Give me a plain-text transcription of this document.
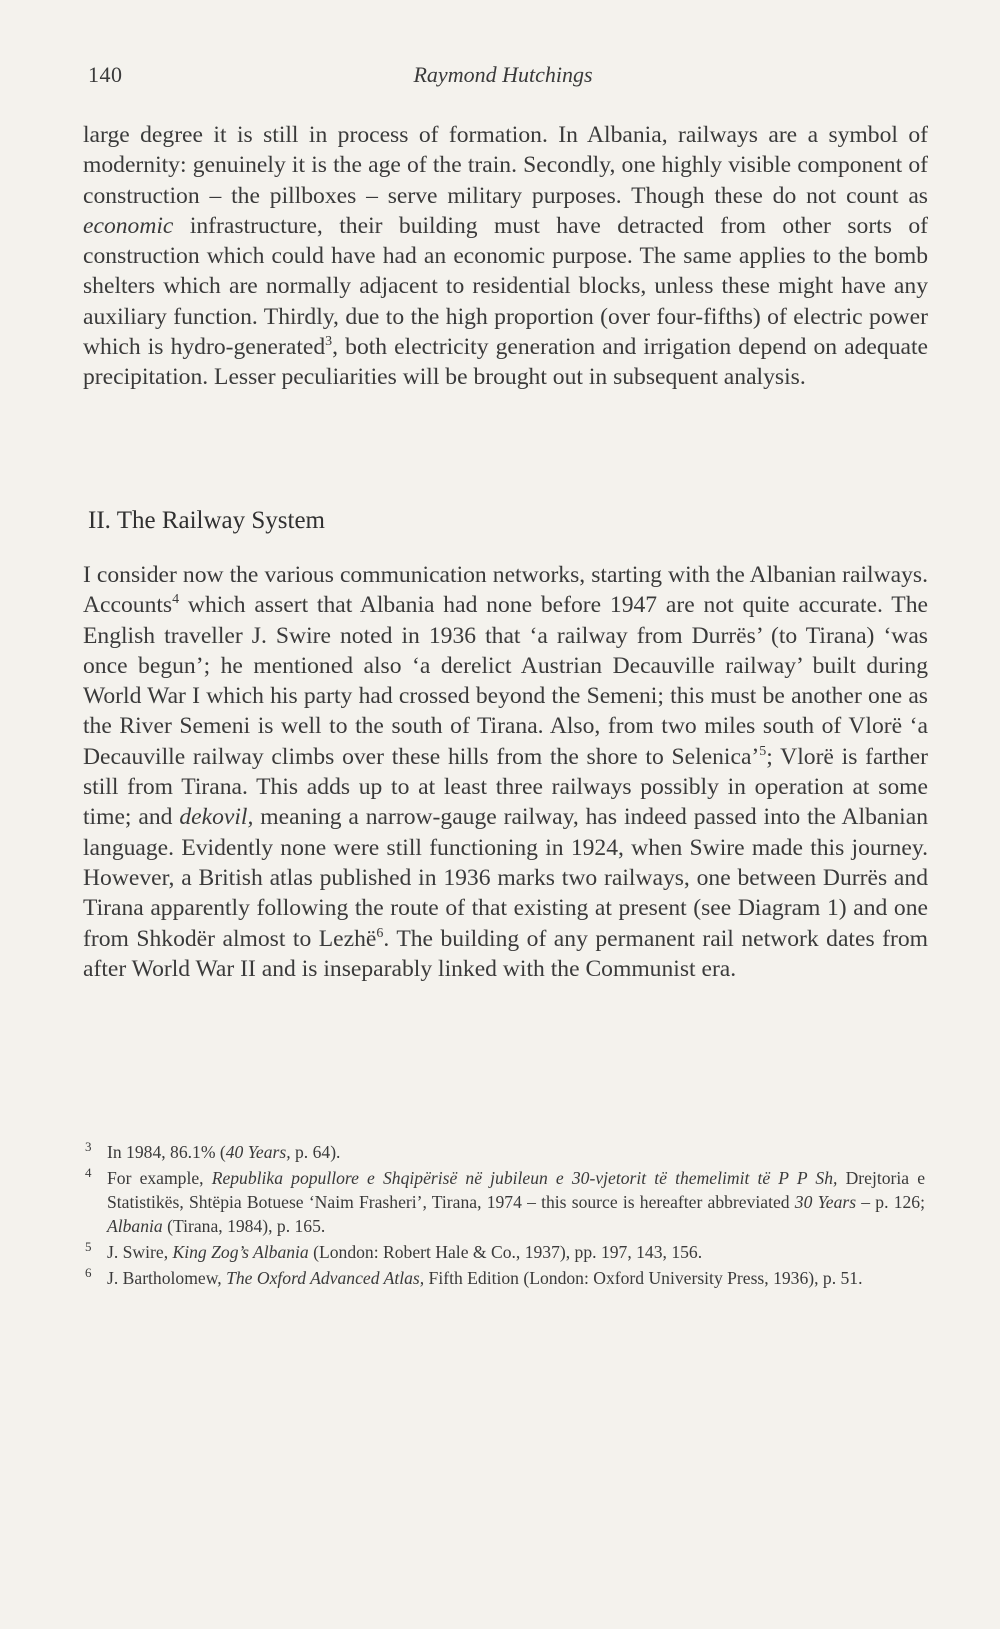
140	Raymond Hutchings

large degree it is still in process of formation. In Albania, railways are a symbol of modernity: genuinely it is the age of the train. Secondly, one highly visible component of construction – the pillboxes – serve military purposes. Though these do not count as economic infrastructure, their building must have detracted from other sorts of construction which could have had an economic purpose. The same applies to the bomb shelters which are normally adjacent to residential blocks, unless these might have any auxiliary function. Thirdly, due to the high proportion (over four-fifths) of electric power which is hydro-generated$^3$, both electricity generation and irrigation depend on adequate precipitation. Lesser peculiarities will be brought out in subsequent analysis.

II. The Railway System

I consider now the various communication networks, starting with the Albanian railways. Accounts$^4$ which assert that Albania had none before 1947 are not quite accurate. The English traveller J. Swire noted in 1936 that ‘a railway from Durrës’ (to Tirana) ‘was once begun’; he mentioned also ‘a derelict Austrian Decauville railway’ built during World War I which his party had crossed beyond the Semeni; this must be another one as the River Semeni is well to the south of Tirana. Also, from two miles south of Vlorë ‘a Decauville railway climbs over these hills from the shore to Selenica’$^5$; Vlorë is farther still from Tirana. This adds up to at least three railways possibly in operation at some time; and dekovil, meaning a narrow-gauge railway, has indeed passed into the Albanian language. Evidently none were still functioning in 1924, when Swire made this journey. However, a British atlas published in 1936 marks two railways, one between Durrës and Tirana apparently following the route of that existing at present (see Diagram 1) and one from Shkodër almost to Lezhë$^6$. The building of any permanent rail network dates from after World War II and is inseparably linked with the Communist era.

3 In 1984, 86.1% (40 Years, p. 64).

4 For example, Republika popullore e Shqipërisë në jubileun e 30-vjetorit të themelimit të P P Sh, Drejtoria e Statistikës, Shtëpia Botuese ‘Naim Frasheri’, Tirana, 1974 – this source is hereafter abbreviated 30 Years – p. 126; Albania (Tirana, 1984), p. 165.

5 J. Swire, King Zog’s Albania (London: Robert Hale & Co., 1937), pp. 197, 143, 156.

6 J. Bartholomew, The Oxford Advanced Atlas, Fifth Edition (London: Oxford University Press, 1936), p. 51.
